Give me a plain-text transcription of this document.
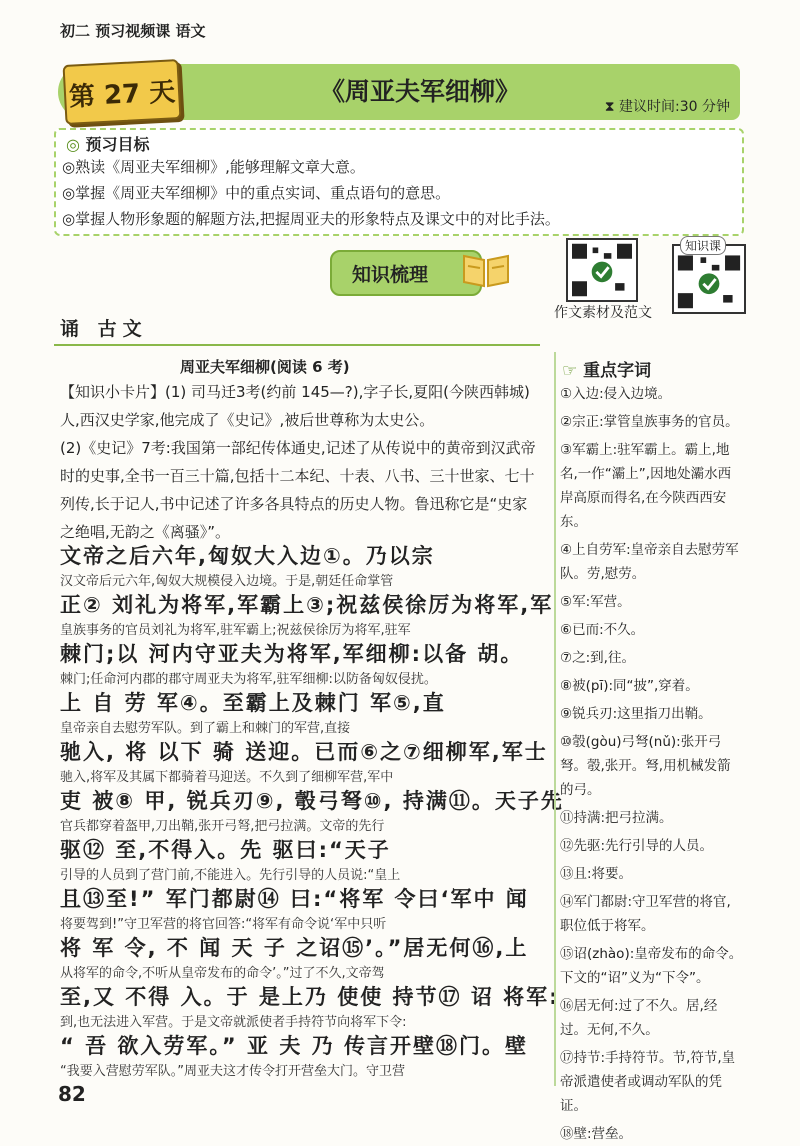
初二 预习视频课 语文
第 27 天	《周亚夫军细柳》
⧗ 建议时间:30 分钟
◎ 预习目标
◎熟读《周亚夫军细柳》,能够理解文章大意。
◎掌握《周亚夫军细柳》中的重点实词、重点语句的意思。
◎掌握人物形象题的解题方法,把握周亚夫的形象特点及课文中的对比手法。
知识梳理
作文素材及范文
知识课
诵 古文
周亚夫军细柳(阅读 6 考)
【知识小卡片】(1) 司马迁3考(约前 145—?),字子长,夏阳(今陕西韩城)人,西汉史学家,他完成了《史记》,被后世尊称为太史公。
(2)《史记》7考:我国第一部纪传体通史,记述了从传说中的黄帝到汉武帝时的史事,全书一百三十篇,包括十二本纪、十表、八书、三十世家、七十列传,长于记人,书中记述了许多各具特点的历史人物。鲁迅称它是“史家之绝唱,无韵之《离骚》”。
文帝之后六年,匈奴大入边①。乃以宗
汉文帝后元六年,匈奴大规模侵入边境。于是,朝廷任命掌管
正② 刘礼为将军,军霸上③;祝兹侯徐厉为将军,军
皇族事务的官员刘礼为将军,驻军霸上;祝兹侯徐厉为将军,驻军
棘门;以 河内守亚夫为将军,军细柳:以备 胡。
棘门;任命河内郡的郡守周亚夫为将军,驻军细柳:以防备匈奴侵扰。
上 自 劳 军④。至霸上及棘门 军⑤,直
皇帝亲自去慰劳军队。到了霸上和棘门的军营,直接
驰入, 将 以下 骑 送迎。已而⑥之⑦细柳军,军士
驰入,将军及其属下都骑着马迎送。不久到了细柳军营,军中
吏 被⑧ 甲, 锐兵刃⑨, 彀弓弩⑩, 持满⑪。天子先
官兵都穿着盔甲,刀出鞘,张开弓弩,把弓拉满。文帝的先行
驱⑫ 至,不得入。先 驱曰:“天子
引导的人员到了营门前,不能进入。先行引导的人员说:“皇上
且⑬至!” 军门都尉⑭ 曰:“将军 令曰‘军中 闻
将要驾到!”守卫军营的将官回答:“将军有命令说‘军中只听
将 军 令, 不 闻 天 子 之诏⑮’。”居无何⑯,上
从将军的命令,不听从皇帝发布的命令’。”过了不久,文帝驾
至,又 不得 入。于 是上乃 使使 持节⑰ 诏 将军:
到,也无法进入军营。于是文帝就派使者手持符节向将军下令:
“ 吾 欲入劳军。” 亚 夫 乃 传言开壁⑱门。壁
“我要入营慰劳军队。”周亚夫这才传令打开营垒大门。守卫营
☞ 重点字词
①入边:侵入边境。
②宗正:掌管皇族事务的官员。
③军霸上:驻军霸上。霸上,地名,一作“灞上”,因地处灞水西岸高原而得名,在今陕西西安东。
④上自劳军:皇帝亲自去慰劳军队。劳,慰劳。
⑤军:军营。
⑥已而:不久。
⑦之:到,往。
⑧被(pī):同“披”,穿着。
⑨锐兵刃:这里指刀出鞘。
⑩彀(gòu)弓弩(nǔ):张开弓弩。彀,张开。弩,用机械发箭的弓。
⑪持满:把弓拉满。
⑫先驱:先行引导的人员。
⑬且:将要。
⑭军门都尉:守卫军营的将官,职位低于将军。
⑮诏(zhào):皇帝发布的命令。下文的“诏”义为“下令”。
⑯居无何:过了不久。居,经过。无何,不久。
⑰持节:手持符节。节,符节,皇帝派遣使者或调动军队的凭证。
⑱壁:营垒。
82
